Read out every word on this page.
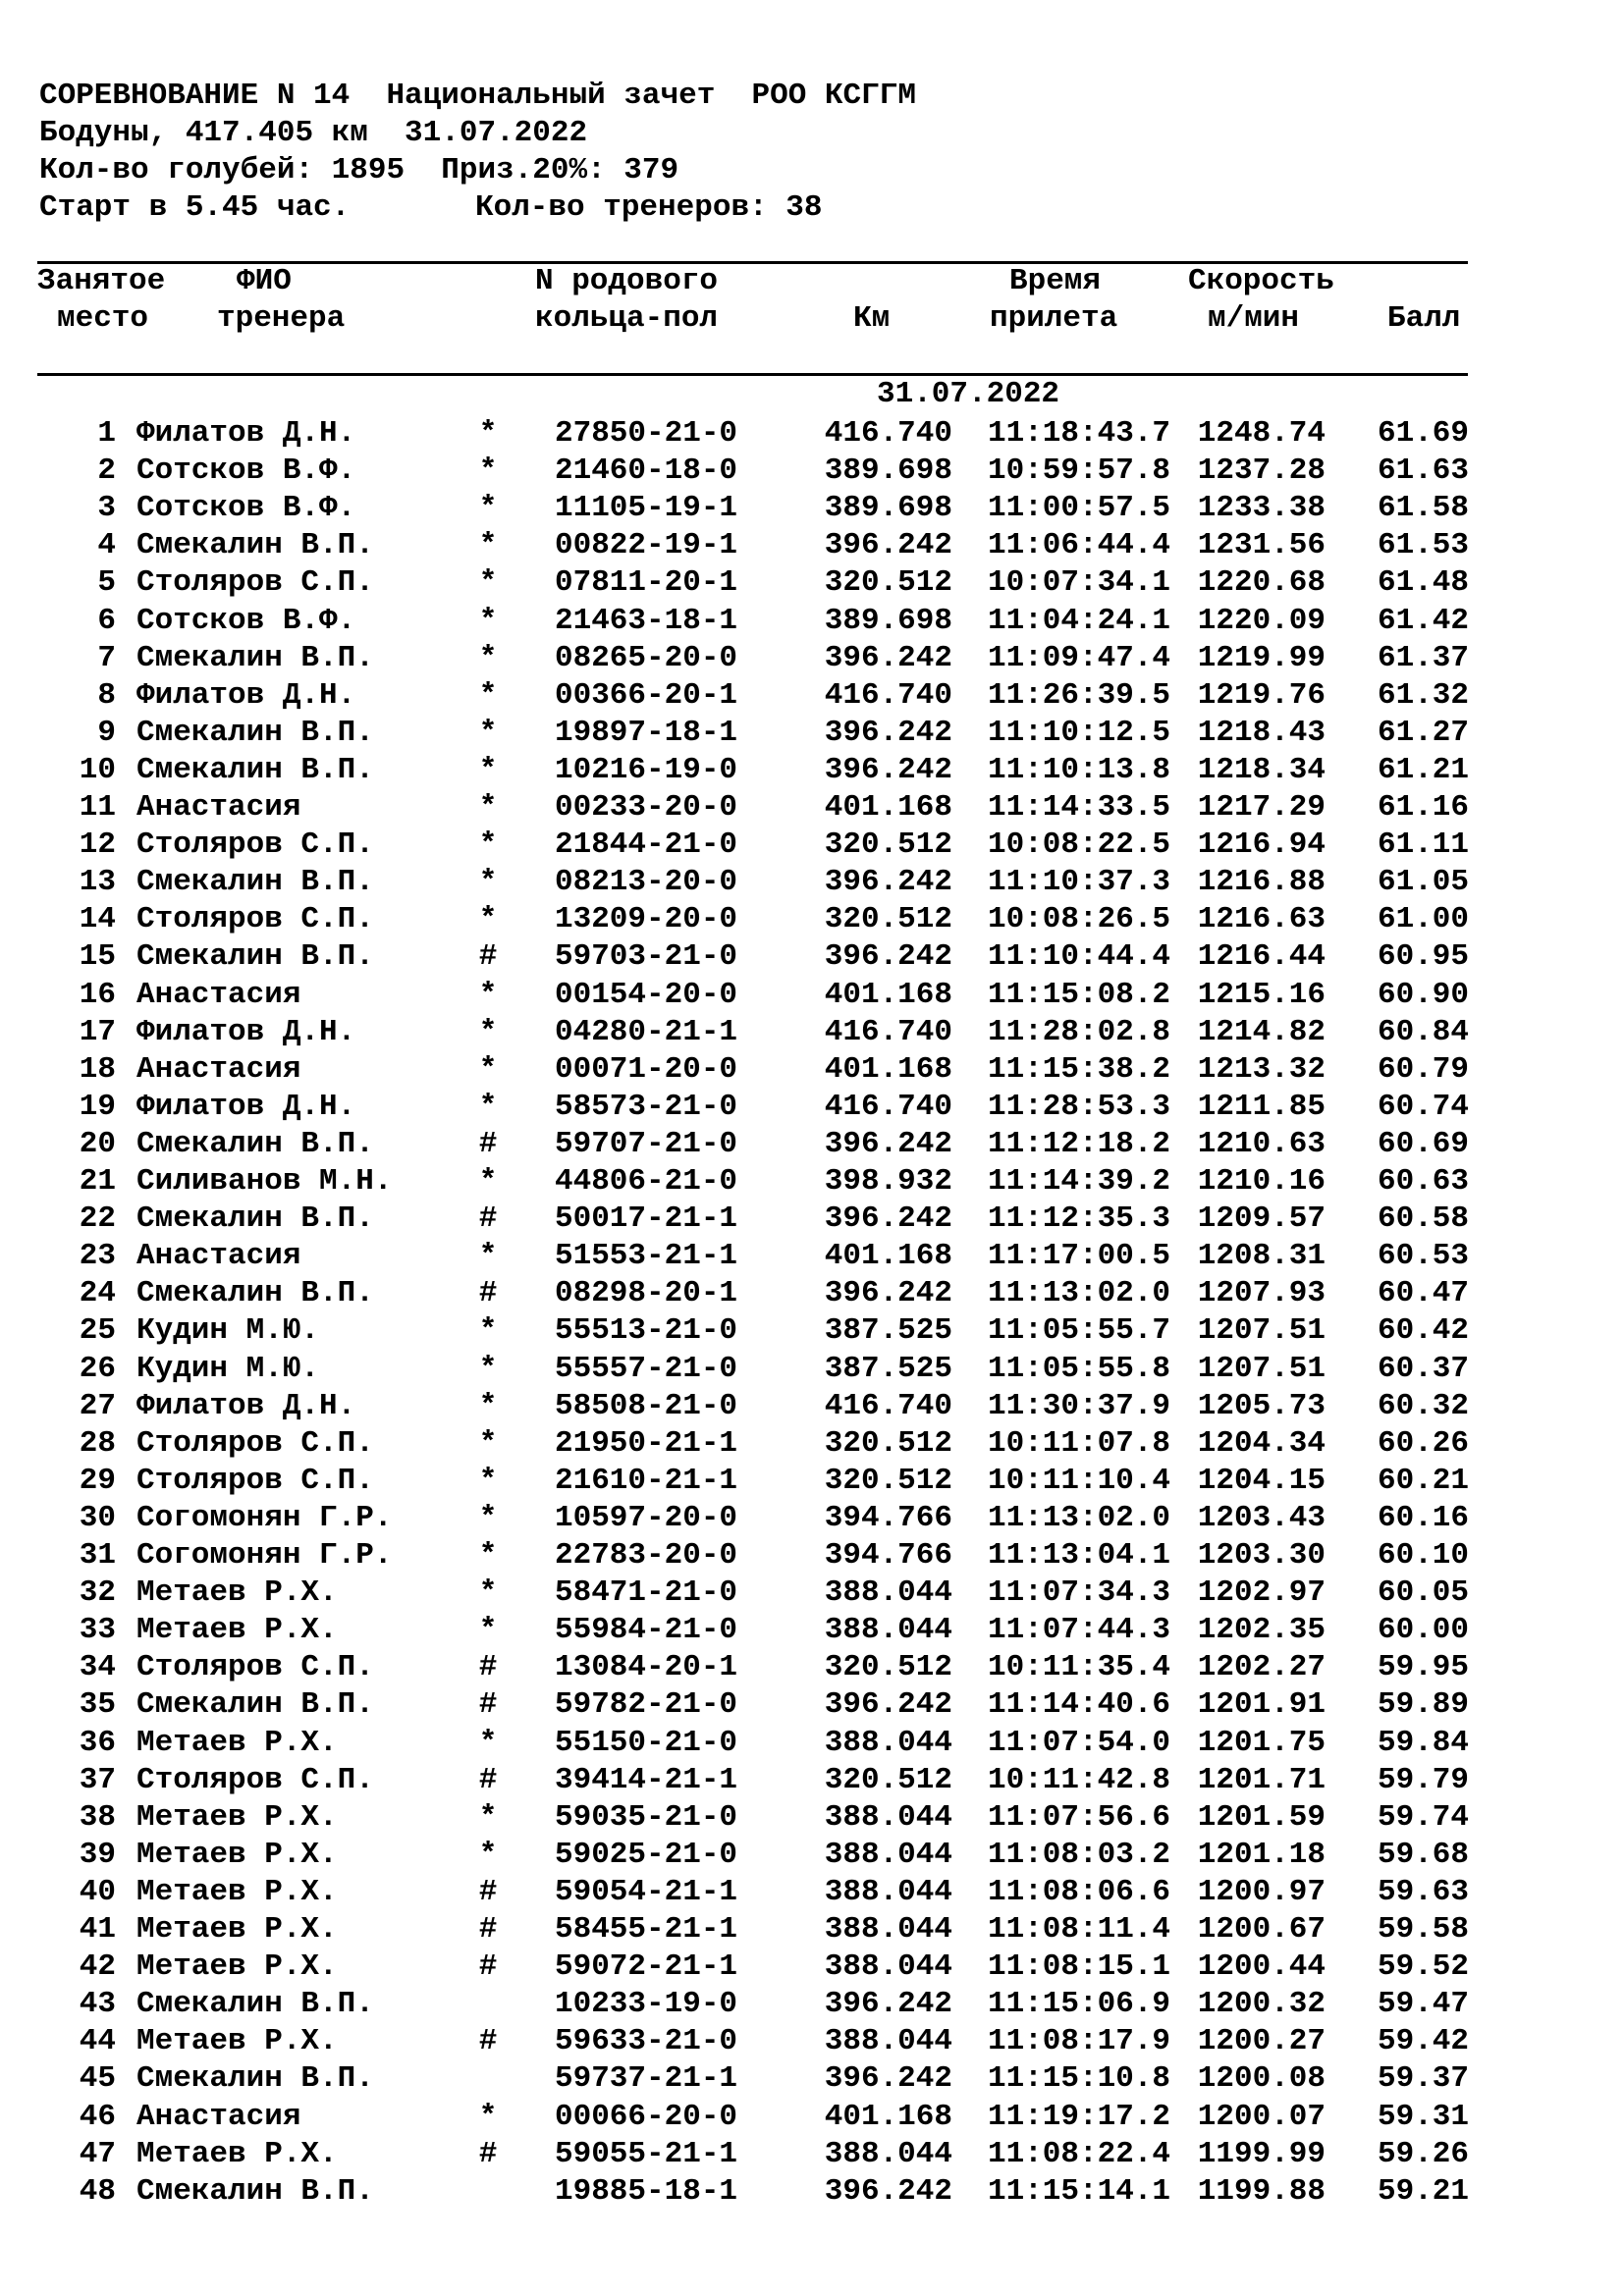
СОРЕВНОВАНИЕ N 14  Национальный зачет  РОО КСГГМ
Бодуны, 417.405 км  31.07.2022
Кол-во голубей: 1895  Приз.20%: 379
Старт в 5.45 час.	Кол-во тренеров: 38
Занятое
место
ФИО
тренера
N родового
кольца-пол	Км
Время
прилета
Скорость
м/мин	Балл
31.07.2022
1 Филатов Д.Н.	* 27850-21-0	416.740 11:18:43.7 1248.74 61.69
2 Сотсков В.Ф.	* 21460-18-0	389.698 10:59:57.8 1237.28 61.63
3 Сотсков В.Ф.	* 11105-19-1	389.698 11:00:57.5 1233.38 61.58
4 Смекалин В.П.	* 00822-19-1	396.242 11:06:44.4 1231.56 61.53
5 Столяров С.П.	* 07811-20-1	320.512 10:07:34.1 1220.68 61.48
6 Сотсков В.Ф.	* 21463-18-1	389.698 11:04:24.1 1220.09 61.42
7 Смекалин В.П.	* 08265-20-0	396.242 11:09:47.4 1219.99 61.37
8 Филатов Д.Н.	* 00366-20-1	416.740 11:26:39.5 1219.76 61.32
9 Смекалин В.П.	* 19897-18-1	396.242 11:10:12.5 1218.43 61.27
10 Смекалин В.П.	* 10216-19-0	396.242 11:10:13.8 1218.34 61.21
11 Анастасия	* 00233-20-0	401.168 11:14:33.5 1217.29 61.16
12 Столяров С.П.	* 21844-21-0	320.512 10:08:22.5 1216.94 61.11
13 Смекалин В.П.	* 08213-20-0	396.242 11:10:37.3 1216.88 61.05
14 Столяров С.П.	* 13209-20-0	320.512 10:08:26.5 1216.63 61.00
15 Смекалин В.П.	# 59703-21-0	396.242 11:10:44.4 1216.44 60.95
16 Анастасия	* 00154-20-0	401.168 11:15:08.2 1215.16 60.90
17 Филатов Д.Н.	* 04280-21-1	416.740 11:28:02.8 1214.82 60.84
18 Анастасия	* 00071-20-0	401.168 11:15:38.2 1213.32 60.79
19 Филатов Д.Н.	* 58573-21-0	416.740 11:28:53.3 1211.85 60.74
20 Смекалин В.П.	# 59707-21-0	396.242 11:12:18.2 1210.63 60.69
21 Силиванов М.Н.	* 44806-21-0	398.932 11:14:39.2 1210.16 60.63
22 Смекалин В.П.	# 50017-21-1	396.242 11:12:35.3 1209.57 60.58
23 Анастасия	* 51553-21-1	401.168 11:17:00.5 1208.31 60.53
24 Смекалин В.П.	# 08298-20-1	396.242 11:13:02.0 1207.93 60.47
25 Кудин М.Ю.	* 55513-21-0	387.525 11:05:55.7 1207.51 60.42
26 Кудин М.Ю.	* 55557-21-0	387.525 11:05:55.8 1207.51 60.37
27 Филатов Д.Н.	* 58508-21-0	416.740 11:30:37.9 1205.73 60.32
28 Столяров С.П.	* 21950-21-1	320.512 10:11:07.8 1204.34 60.26
29 Столяров С.П.	* 21610-21-1	320.512 10:11:10.4 1204.15 60.21
30 Согомонян Г.Р.	* 10597-20-0	394.766 11:13:02.0 1203.43 60.16
31 Согомонян Г.Р.	* 22783-20-0	394.766 11:13:04.1 1203.30 60.10
32 Метаев Р.Х.	* 58471-21-0	388.044 11:07:34.3 1202.97 60.05
33 Метаев Р.Х.	* 55984-21-0	388.044 11:07:44.3 1202.35 60.00
34 Столяров С.П.	# 13084-20-1	320.512 10:11:35.4 1202.27 59.95
35 Смекалин В.П.	# 59782-21-0	396.242 11:14:40.6 1201.91 59.89
36 Метаев Р.Х.	* 55150-21-0	388.044 11:07:54.0 1201.75 59.84
37 Столяров С.П.	# 39414-21-1	320.512 10:11:42.8 1201.71 59.79
38 Метаев Р.Х.	* 59035-21-0	388.044 11:07:56.6 1201.59 59.74
39 Метаев Р.Х.	* 59025-21-0	388.044 11:08:03.2 1201.18 59.68
40 Метаев Р.Х.	# 59054-21-1	388.044 11:08:06.6 1200.97 59.63
41 Метаев Р.Х.	# 58455-21-1	388.044 11:08:11.4 1200.67 59.58
42 Метаев Р.Х.	# 59072-21-1	388.044 11:08:15.1 1200.44 59.52
43 Смекалин В.П.	10233-19-0	396.242 11:15:06.9 1200.32 59.47
44 Метаев Р.Х.	# 59633-21-0	388.044 11:08:17.9 1200.27 59.42
45 Смекалин В.П.	59737-21-1	396.242 11:15:10.8 1200.08 59.37
46 Анастасия	* 00066-20-0	401.168 11:19:17.2 1200.07 59.31
47 Метаев Р.Х.	# 59055-21-1	388.044 11:08:22.4 1199.99 59.26
48 Смекалин В.П.	19885-18-1	396.242 11:15:14.1 1199.88 59.21
